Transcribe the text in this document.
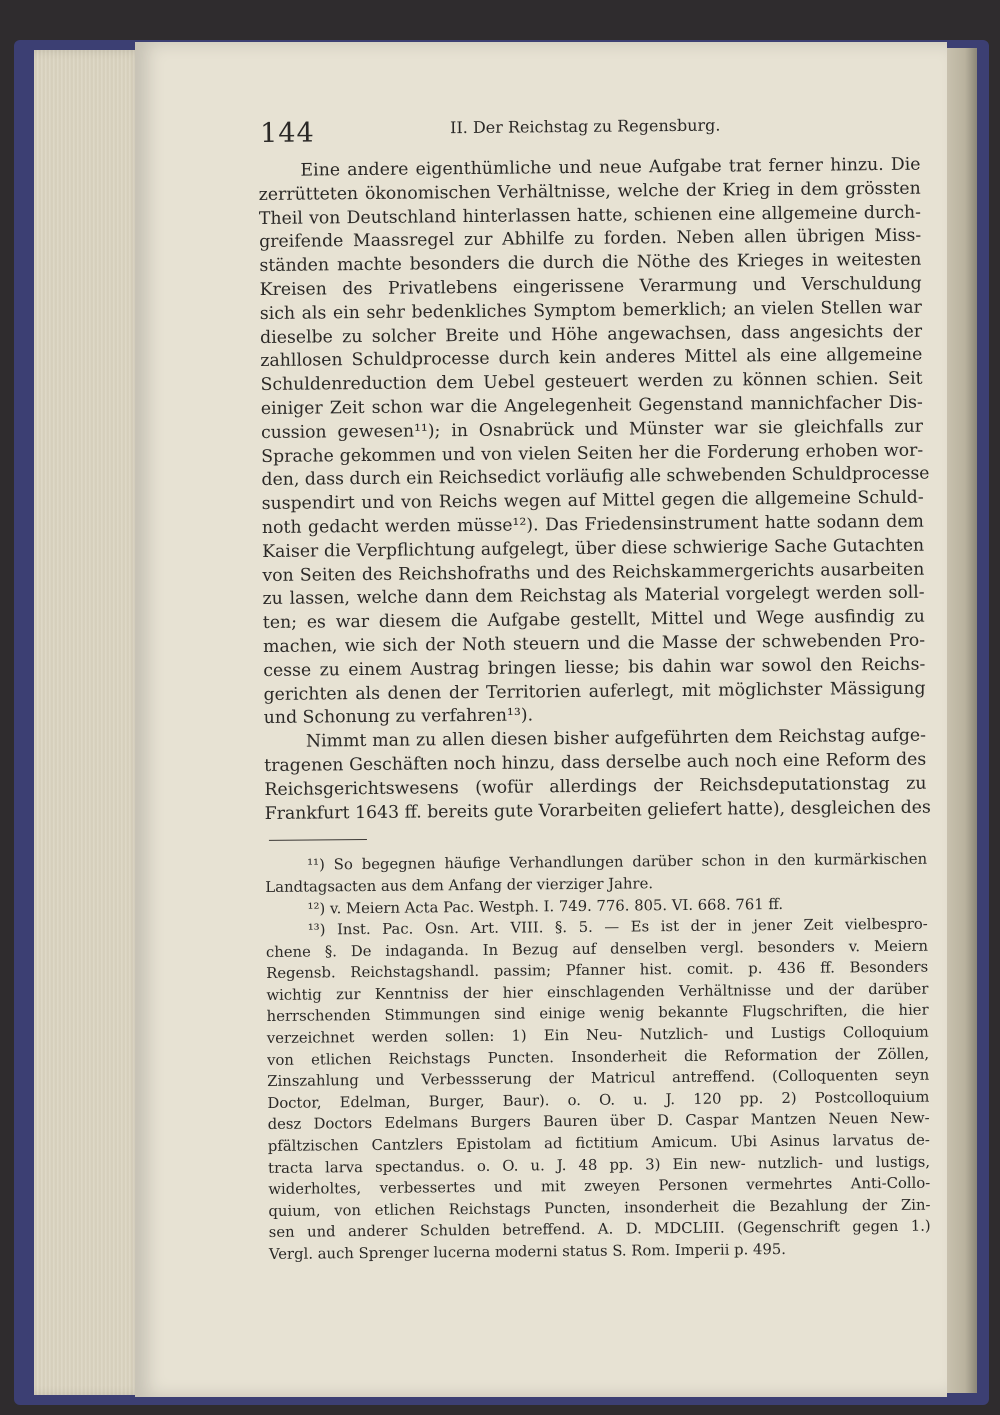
144	II. Der Reichstag zu Regensburg.
Eine andere eigenthümliche und neue Aufgabe trat ferner hinzu. Die
zerrütteten ökonomischen Verhältnisse, welche der Krieg in dem grössten
Theil von Deutschland hinterlassen hatte, schienen eine allgemeine durch-
greifende Maassregel zur Abhilfe zu forden. Neben allen übrigen Miss-
ständen machte besonders die durch die Nöthe des Krieges in weitesten
Kreisen des Privatlebens eingerissene Verarmung und Verschuldung
sich als ein sehr bedenkliches Symptom bemerklich; an vielen Stellen war
dieselbe zu solcher Breite und Höhe angewachsen, dass angesichts der
zahllosen Schuldprocesse durch kein anderes Mittel als eine allgemeine
Schuldenreduction dem Uebel gesteuert werden zu können schien. Seit
einiger Zeit schon war die Angelegenheit Gegenstand mannichfacher Dis-
cussion gewesen¹¹); in Osnabrück und Münster war sie gleichfalls zur
Sprache gekommen und von vielen Seiten her die Forderung erhoben wor-
den, dass durch ein Reichsedict vorläufig alle schwebenden Schuldprocesse
suspendirt und von Reichs wegen auf Mittel gegen die allgemeine Schuld-
noth gedacht werden müsse¹²). Das Friedensinstrument hatte sodann dem
Kaiser die Verpflichtung aufgelegt, über diese schwierige Sache Gutachten
von Seiten des Reichshofraths und des Reichskammergerichts ausarbeiten
zu lassen, welche dann dem Reichstag als Material vorgelegt werden soll-
ten; es war diesem die Aufgabe gestellt, Mittel und Wege ausfindig zu
machen, wie sich der Noth steuern und die Masse der schwebenden Pro-
cesse zu einem Austrag bringen liesse; bis dahin war sowol den Reichs-
gerichten als denen der Territorien auferlegt, mit möglichster Mässigung
und Schonung zu verfahren¹³).
Nimmt man zu allen diesen bisher aufgeführten dem Reichstag aufge-
tragenen Geschäften noch hinzu, dass derselbe auch noch eine Reform des
Reichsgerichtswesens (wofür allerdings der Reichsdeputationstag zu
Frankfurt 1643 ff. bereits gute Vorarbeiten geliefert hatte), desgleichen des
¹¹) So begegnen häufige Verhandlungen darüber schon in den kurmärkischen
Landtagsacten aus dem Anfang der vierziger Jahre.
¹²) v. Meiern Acta Pac. Westph. I. 749. 776. 805. VI. 668. 761 ff.
¹³) Inst. Pac. Osn. Art. VIII. §. 5. — Es ist der in jener Zeit vielbespro-
chene §. De indaganda. In Bezug auf denselben vergl. besonders v. Meiern
Regensb. Reichstagshandl. passim; Pfanner hist. comit. p. 436 ff. Besonders
wichtig zur Kenntniss der hier einschlagenden Verhältnisse und der darüber
herrschenden Stimmungen sind einige wenig bekannte Flugschriften, die hier
verzeichnet werden sollen: 1) Ein Neu- Nutzlich- und Lustigs Colloquium
von etlichen Reichstags Puncten. Insonderheit die Reformation der Zöllen,
Zinszahlung und Verbessserung der Matricul antreffend. (Colloquenten seyn
Doctor, Edelman, Burger, Baur). o. O. u. J. 120 pp. 2) Postcolloquium
desz Doctors Edelmans Burgers Bauren über D. Caspar Mantzen Neuen New-
pfältzischen Cantzlers Epistolam ad fictitium Amicum. Ubi Asinus larvatus de-
tracta larva spectandus. o. O. u. J. 48 pp. 3) Ein new- nutzlich- und lustigs,
widerholtes, verbessertes und mit zweyen Personen vermehrtes Anti-Collo-
quium, von etlichen Reichstags Puncten, insonderheit die Bezahlung der Zin-
sen und anderer Schulden betreffend. A. D. MDCLIII. (Gegenschrift gegen 1.)
Vergl. auch Sprenger lucerna moderni status S. Rom. Imperii p. 495.
